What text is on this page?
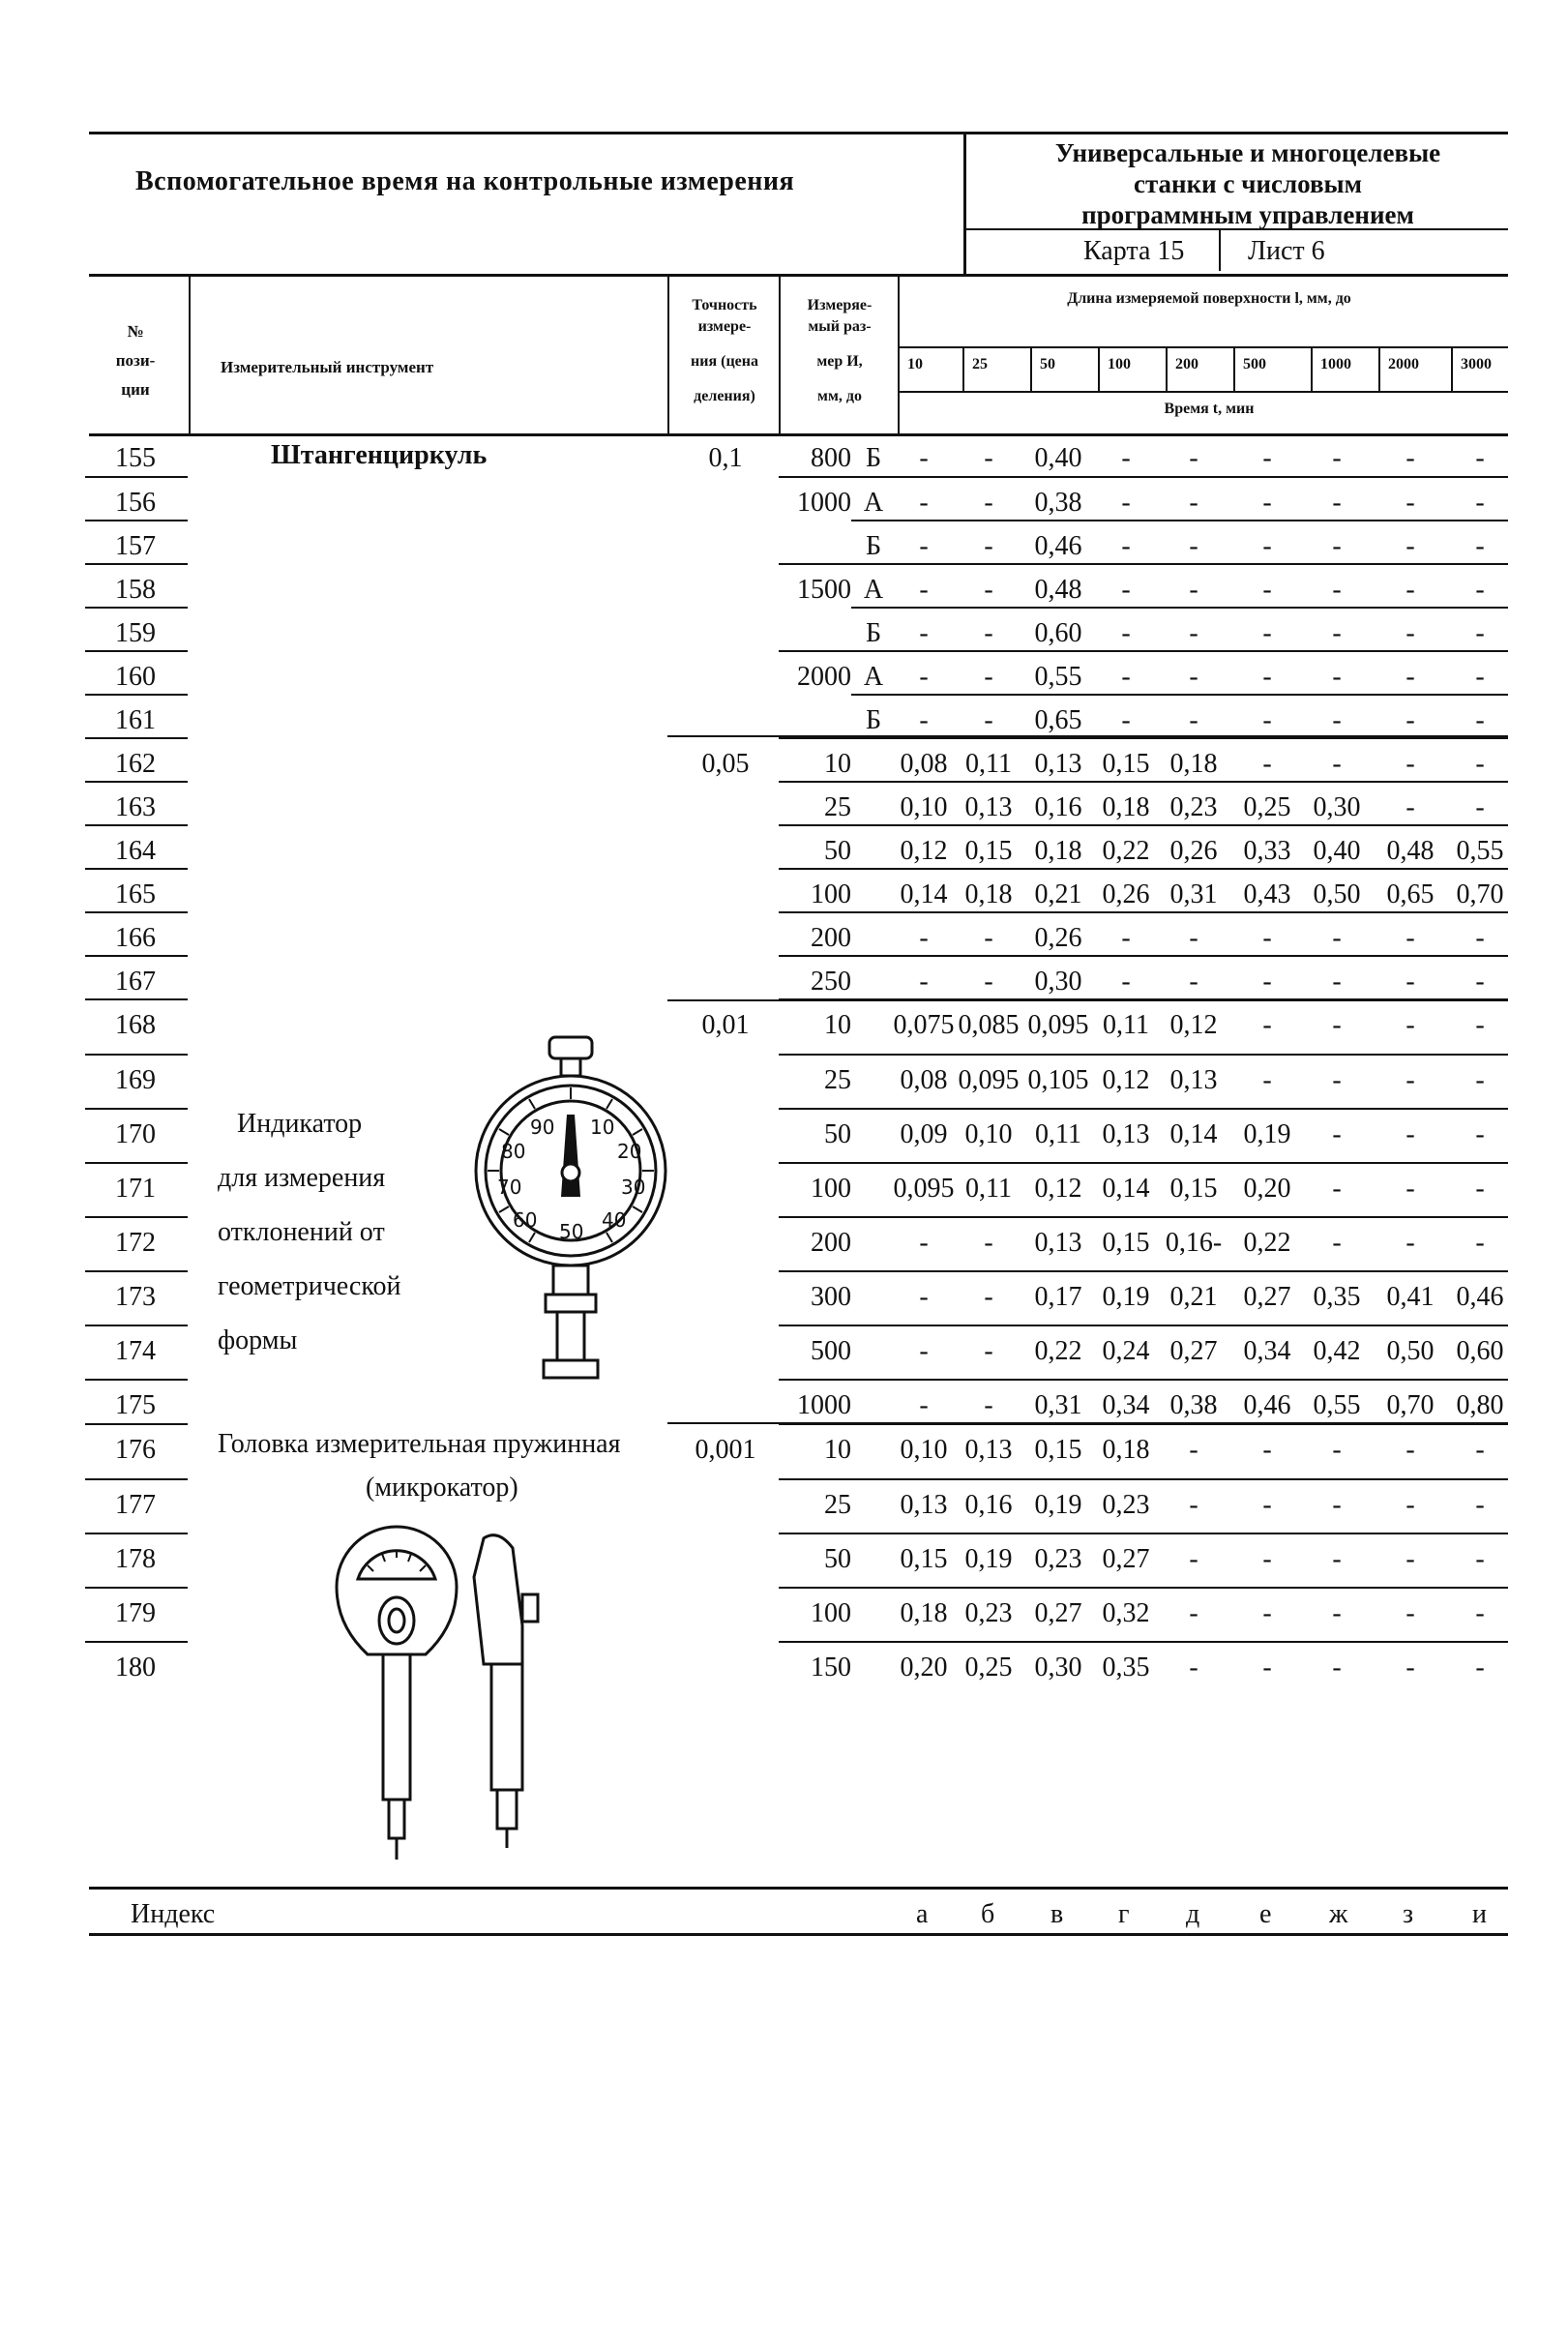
Вспомогательное время на контрольные измерения
Универсальные и многоцелевые
станки с числовым
программным управлением
Карта 15 Лист 6
№
пози-
ции
Измерительный инструмент
Точность
измере-
ния (цена
деления)
Измеряе-
мый раз-
мер И,
мм, до
Длина измеряемой поверхности l, мм, до
10	25	50	100	200	500	1000 2000	3000
Время t, мин
Штангенциркуль
Индикатор
для измерения
отклонений от
геометрической
формы
Головка измерительная пружинная
(микрокатор)
90 10
80	20
70	30
60 50 40
155	0,1	800 Б	-	-	0,40	-	-	-	-	-	-
156	1000 А	-	-	0,38	-	-	-	-	-	-
157	Б	-	-	0,46	-	-	-	-	-	-
158	1500 А	-	-	0,48	-	-	-	-	-	-
159	Б	-	-	0,60	-	-	-	-	-	-
160	2000 А	-	-	0,55	-	-	-	-	-	-
161	Б	-	-	0,65	-	-	-	-	-	-
162	0,05	10	0,08 0,11 0,13 0,15 0,18	-	-	-	-
163	25	0,10 0,13 0,16 0,18 0,23 0,25 0,30	-	-
164	50	0,12 0,15 0,18 0,22 0,26 0,33 0,40 0,48 0,55
165	100	0,14 0,18 0,21 0,26 0,31 0,43 0,50 0,65 0,70
166	200	-	-	0,26	-	-	-	-	-	-
167	250	-	-	0,30	-	-	-	-	-	-
168	0,01	10 0,075 0,085 0,095 0,11 0,12	-	-	-	-
169	25	0,08 0,095 0,105 0,12 0,13	-	-	-	-
170	50	0,09 0,10 0,11 0,13 0,14 0,19	-	-	-
171	100 0,095 0,11 0,12 0,14 0,15 0,20	-	-	-
172	200	-	-	0,13 0,15 0,16- 0,22	-	-	-
173	300	-	-	0,17 0,19 0,21 0,27 0,35 0,41 0,46
174	500	-	-	0,22 0,24 0,27 0,34 0,42 0,50 0,60
175	1000	-	-	0,31 0,34 0,38 0,46 0,55 0,70 0,80
176	0,001	10	0,10 0,13 0,15 0,18	-	-	-	-	-
177	25	0,13 0,16 0,19 0,23	-	-	-	-	-
178	50	0,15 0,19 0,23 0,27	-	-	-	-	-
179	100	0,18 0,23 0,27 0,32	-	-	-	-	-
180	150	0,20 0,25 0,30 0,35	-	-	-	-	-
Индекс	а б в г д е ж з и
